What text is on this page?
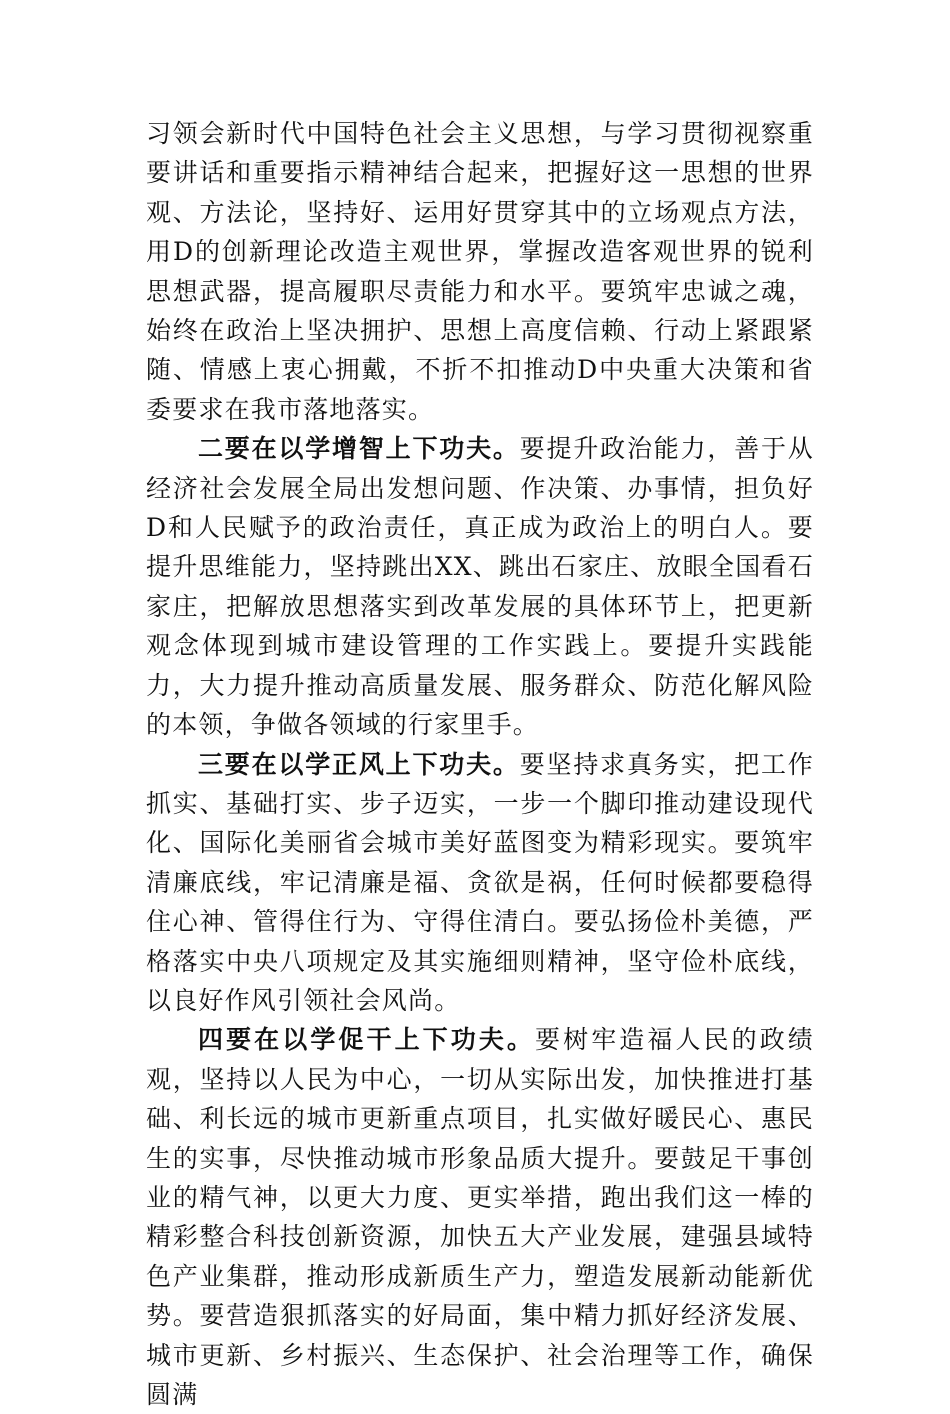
习领会新时代中国特色社会主义思想，与学习贯彻视察重要讲话和重要指示精神结合起来，把握好这一思想的世界观、方法论，坚持好、运用好贯穿其中的立场观点方法，用D的创新理论改造主观世界，掌握改造客观世界的锐利思想武器，提高履职尽责能力和水平。要筑牢忠诚之魂，始终在政治上坚决拥护、思想上高度信赖、行动上紧跟紧随、情感上衷心拥戴，不折不扣推动D中央重大决策和省委要求在我市落地落实。

二要在以学增智上下功夫。要提升政治能力，善于从经济社会发展全局出发想问题、作决策、办事情，担负好D和人民赋予的政治责任，真正成为政治上的明白人。要提升思维能力，坚持跳出XX、跳出石家庄、放眼全国看石家庄，把解放思想落实到改革发展的具体环节上，把更新观念体现到城市建设管理的工作实践上。要提升实践能力，大力提升推动高质量发展、服务群众、防范化解风险的本领，争做各领域的行家里手。

三要在以学正风上下功夫。要坚持求真务实，把工作抓实、基础打实、步子迈实，一步一个脚印推动建设现代化、国际化美丽省会城市美好蓝图变为精彩现实。要筑牢清廉底线，牢记清廉是福、贪欲是祸，任何时候都要稳得住心神、管得住行为、守得住清白。要弘扬俭朴美德，严格落实中央八项规定及其实施细则精神，坚守俭朴底线，以良好作风引领社会风尚。

四要在以学促干上下功夫。要树牢造福人民的政绩观，坚持以人民为中心，一切从实际出发，加快推进打基础、利长远的城市更新重点项目，扎实做好暖民心、惠民生的实事，尽快推动城市形象品质大提升。要鼓足干事创业的精气神，以更大力度、更实举措，跑出我们这一棒的精彩整合科技创新资源，加快五大产业发展，建强县域特色产业集群，推动形成新质生产力，塑造发展新动能新优势。要营造狠抓落实的好局面，集中精力抓好经济发展、城市更新、乡村振兴、生态保护、社会治理等工作，确保圆满
